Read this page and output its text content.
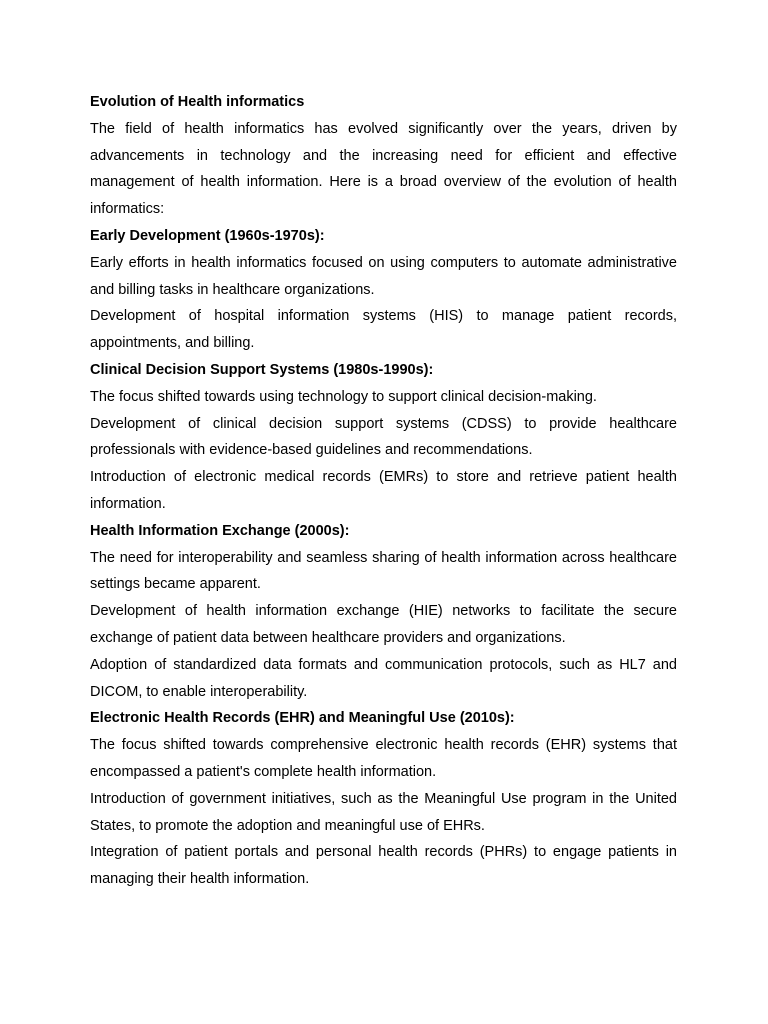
Evolution of Health informatics

The field of health informatics has evolved significantly over the years, driven by advancements in technology and the increasing need for efficient and effective management of health information. Here is a broad overview of the evolution of health informatics:

Early Development (1960s-1970s):

Early efforts in health informatics focused on using computers to automate administrative and billing tasks in healthcare organizations.

Development of hospital information systems (HIS) to manage patient records, appointments, and billing.

Clinical Decision Support Systems (1980s-1990s):

The focus shifted towards using technology to support clinical decision-making.

Development of clinical decision support systems (CDSS) to provide healthcare professionals with evidence-based guidelines and recommendations.

Introduction of electronic medical records (EMRs) to store and retrieve patient health information.

Health Information Exchange (2000s):

The need for interoperability and seamless sharing of health information across healthcare settings became apparent.

Development of health information exchange (HIE) networks to facilitate the secure exchange of patient data between healthcare providers and organizations.

Adoption of standardized data formats and communication protocols, such as HL7 and DICOM, to enable interoperability.

Electronic Health Records (EHR) and Meaningful Use (2010s):

The focus shifted towards comprehensive electronic health records (EHR) systems that encompassed a patient's complete health information.

Introduction of government initiatives, such as the Meaningful Use program in the United States, to promote the adoption and meaningful use of EHRs.

Integration of patient portals and personal health records (PHRs) to engage patients in managing their health information.
